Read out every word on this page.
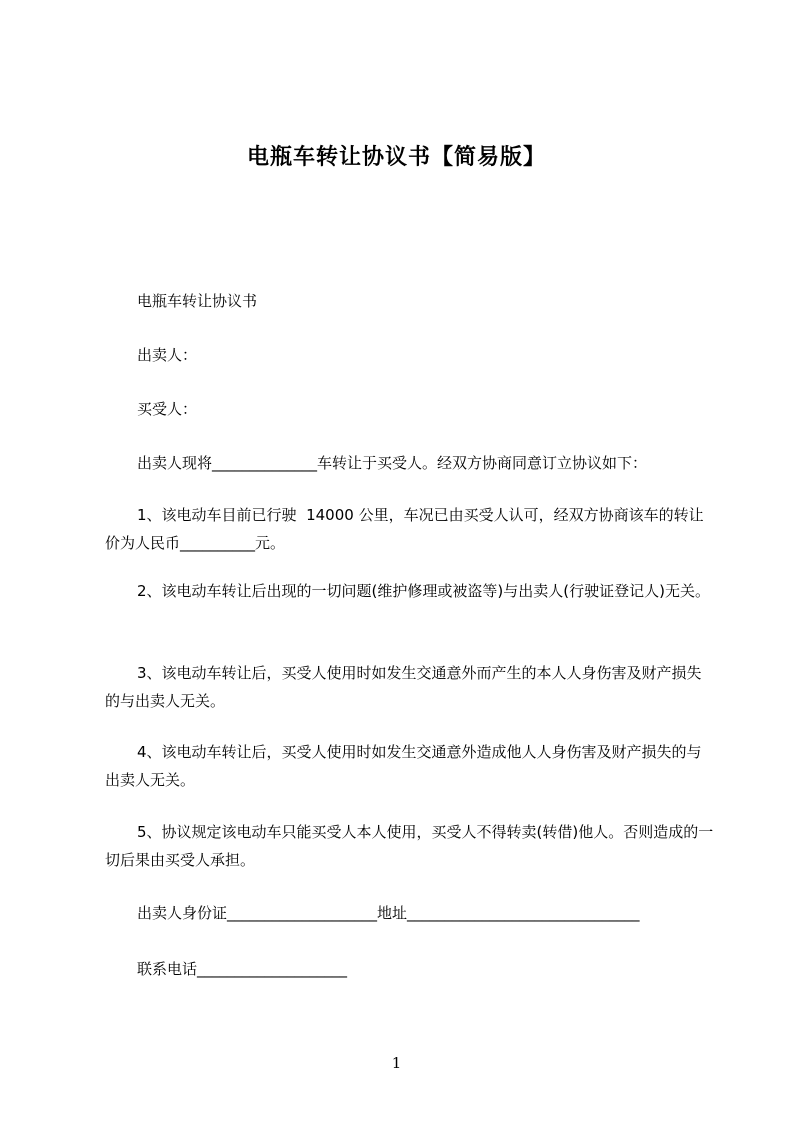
电瓶车转让协议书【简易版】
电瓶车转让协议书
出卖人：
买受人：
出卖人现将______________车转让于买受人。经双方协商同意订立协议如下：
1、该电动车目前已行驶  14000 公里，车况已由买受人认可，经双方协商该车的转让价为人民币__________元。
2、该电动车转让后出现的一切问题(维护修理或被盗等)与出卖人(行驶证登记人)无关。
3、该电动车转让后，买受人使用时如发生交通意外而产生的本人人身伤害及财产损失的与出卖人无关。
4、该电动车转让后，买受人使用时如发生交通意外造成他人人身伤害及财产损失的与出卖人无关。
5、协议规定该电动车只能买受人本人使用，买受人不得转卖(转借)他人。否则造成的一切后果由买受人承担。
出卖人身份证____________________地址_______________________________
联系电话____________________
1
